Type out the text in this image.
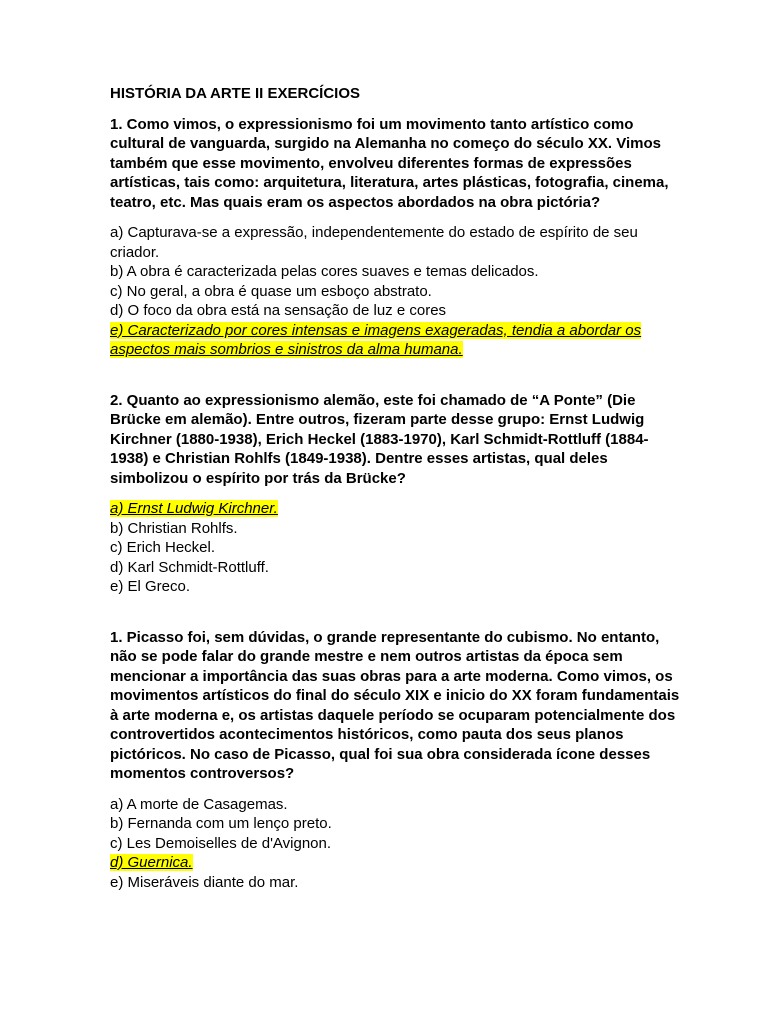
HISTÓRIA DA ARTE II EXERCÍCIOS
1. Como vimos, o expressionismo foi um movimento tanto artístico como cultural de vanguarda, surgido na Alemanha no começo do século XX. Vimos também que esse movimento, envolveu diferentes formas de expressões artísticas, tais como: arquitetura, literatura, artes plásticas, fotografia, cinema, teatro, etc. Mas quais eram os aspectos abordados na obra pictória?
a) Capturava-se a expressão, independentemente do estado de espírito de seu criador.
b) A obra é caracterizada pelas cores suaves e temas delicados.
c) No geral, a obra é quase um esboço abstrato.
d) O foco da obra está na sensação de luz e cores
e) Caracterizado por cores intensas e imagens exageradas, tendia a abordar os aspectos mais sombrios e sinistros da alma humana.
2. Quanto ao expressionismo alemão, este foi chamado de “A Ponte” (Die Brücke em alemão). Entre outros, fizeram parte desse grupo: Ernst Ludwig Kirchner (1880-1938), Erich Heckel (1883-1970), Karl Schmidt-Rottluff (1884-1938) e Christian Rohlfs (1849-1938). Dentre esses artistas, qual deles simbolizou o espírito por trás da Brücke?
a) Ernst Ludwig Kirchner.
b) Christian Rohlfs.
c) Erich Heckel.
d) Karl Schmidt-Rottluff.
e) El Greco.
1. Picasso foi, sem dúvidas, o grande representante do cubismo. No entanto, não se pode falar do grande mestre e nem outros artistas da época sem mencionar a importância das suas obras para a arte moderna. Como vimos, os movimentos artísticos do final do século XIX e inicio do XX foram fundamentais à arte moderna e, os artistas daquele período se ocuparam potencialmente dos controvertidos acontecimentos históricos, como pauta dos seus planos pictóricos. No caso de Picasso, qual foi sua obra considerada ícone desses momentos controversos?
a) A morte de Casagemas.
b) Fernanda com um lenço preto.
c) Les Demoiselles de d'Avignon.
d) Guernica.
e) Miseráveis diante do mar.
